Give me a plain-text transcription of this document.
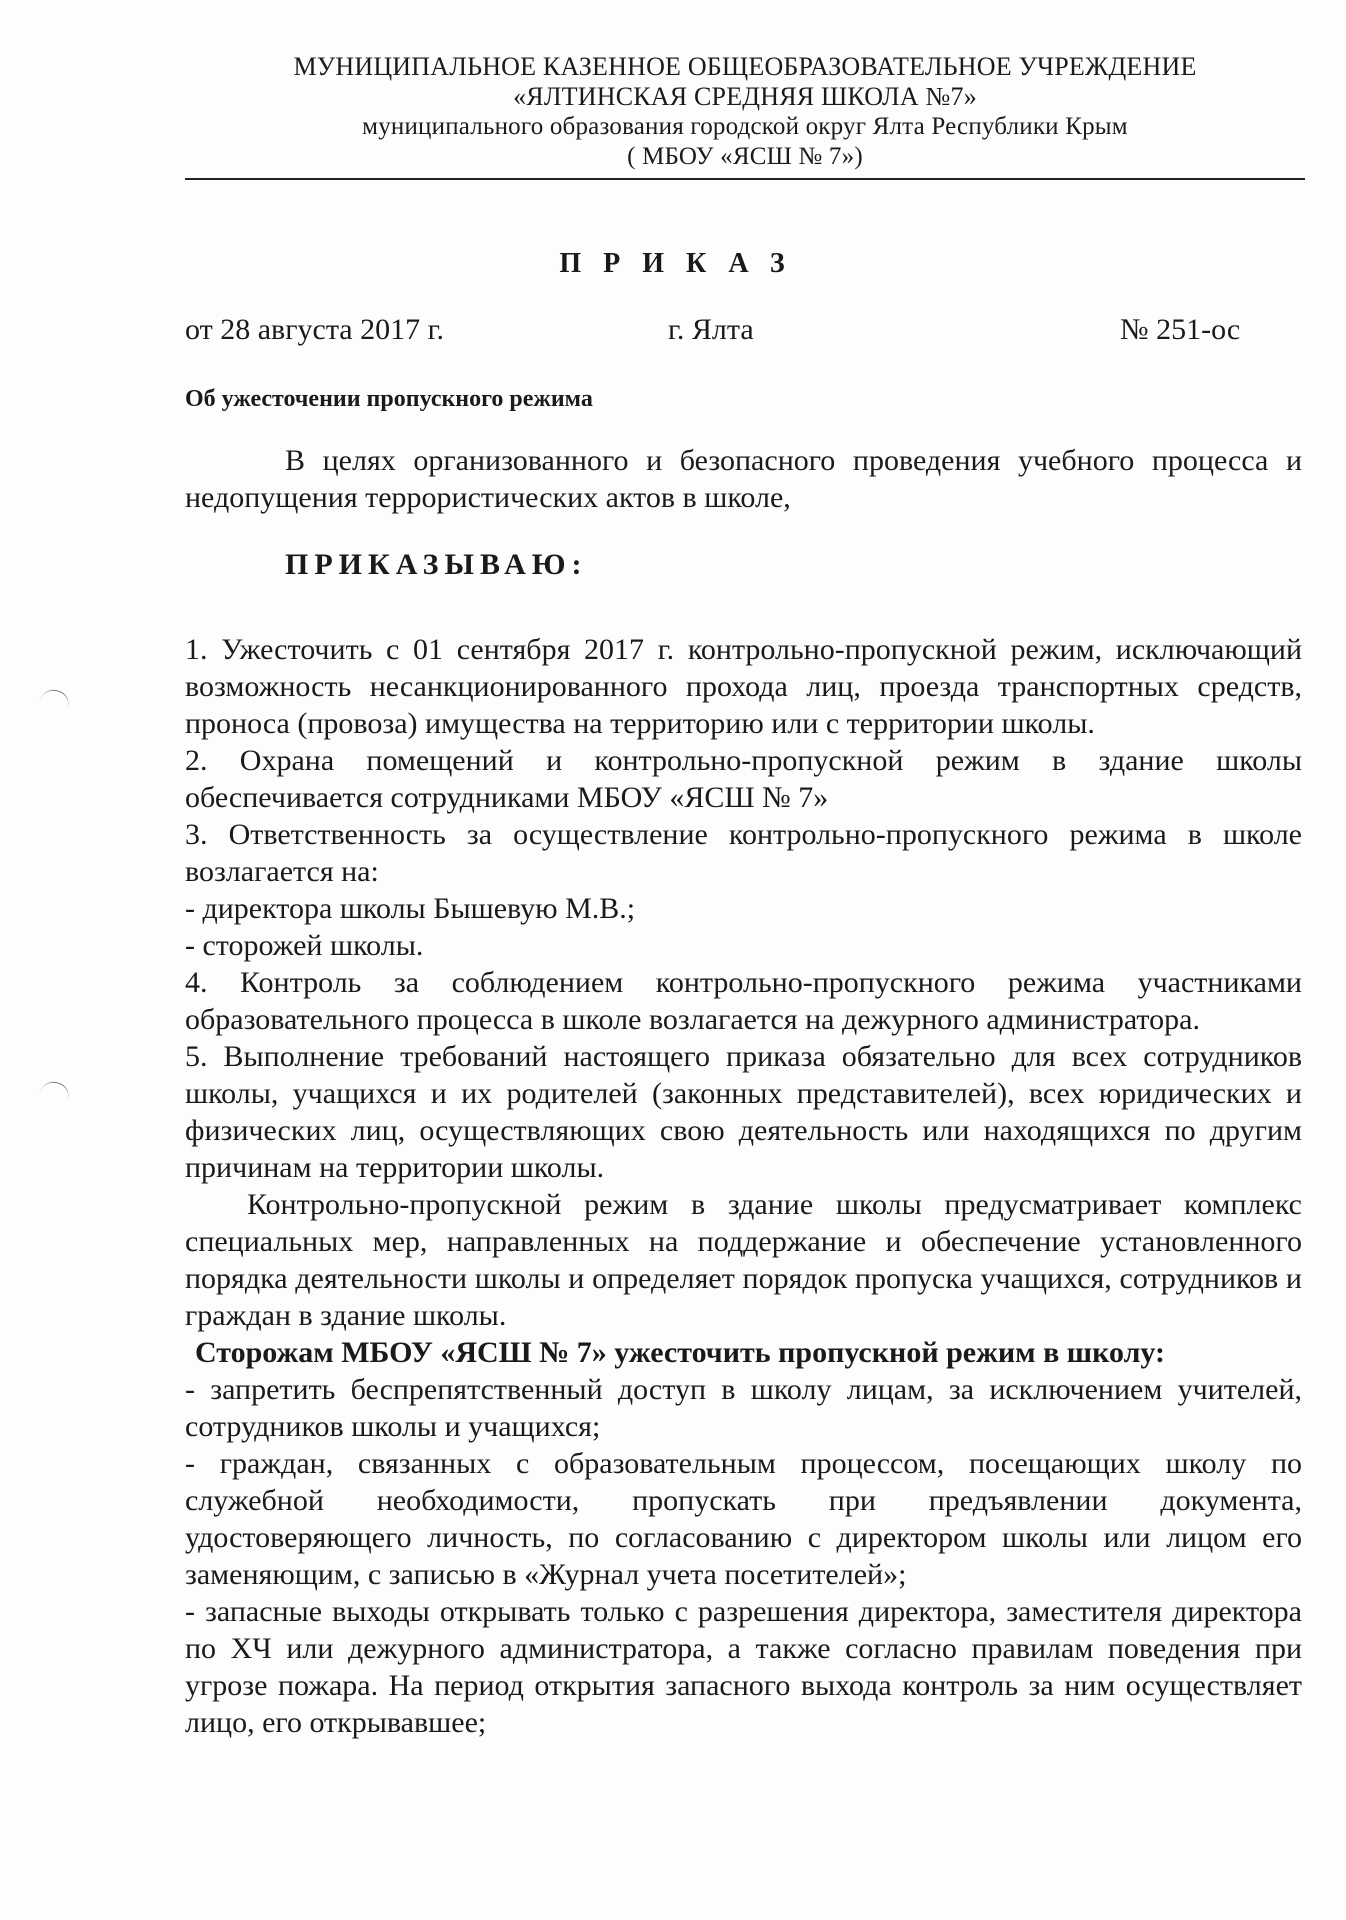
МУНИЦИПАЛЬНОЕ КАЗЕННОЕ ОБЩЕОБРАЗОВАТЕЛЬНОЕ УЧРЕЖДЕНИЕ
«ЯЛТИНСКАЯ СРЕДНЯЯ ШКОЛА №7»
муниципального образования городской округ Ялта Республики Крым
( МБОУ «ЯСШ № 7»)
ПРИКАЗ
от 28 августа 2017 г.	г. Ялта	№ 251-ос
Об ужесточении пропускного режима

В целях организованного и безопасного проведения учебного процесса и недопущения террористических актов в школе,

ПРИКАЗЫВАЮ:

1. Ужесточить с 01 сентября 2017 г. контрольно-пропускной режим, исключающий возможность несанкционированного прохода лиц, проезда транспортных средств, проноса (провоза) имущества на территорию или с территории школы.

2. Охрана помещений и контрольно-пропускной режим в здание школы обеспечивается сотрудниками МБОУ «ЯСШ № 7»

3. Ответственность за осуществление контрольно-пропускного режима в школе возлагается на:

- директора школы Бышевую М.В.;

- сторожей школы.

4. Контроль за соблюдением контрольно-пропускного режима участниками образовательного процесса в школе возлагается на дежурного администратора.

5. Выполнение требований настоящего приказа обязательно для всех сотрудников школы, учащихся и их родителей (законных представителей), всех юридических и физических лиц, осуществляющих свою деятельность или находящихся по другим причинам на территории школы.

Контрольно-пропускной режим в здание школы предусматривает комплекс специальных мер, направленных на поддержание и обеспечение установленного порядка деятельности школы и определяет порядок пропуска учащихся, сотрудников и граждан в здание школы.

Сторожам МБОУ «ЯСШ № 7» ужесточить пропускной режим в школу:

- запретить беспрепятственный доступ в школу лицам, за исключением учителей, сотрудников школы и учащихся;

- граждан, связанных с образовательным процессом, посещающих школу по служебной необходимости, пропускать при предъявлении документа, удостоверяющего личность, по согласованию с директором школы или лицом его заменяющим, с записью в «Журнал учета посетителей»;

- запасные выходы открывать только с разрешения директора, заместителя директора по ХЧ или дежурного администратора, а также согласно правилам поведения при угрозе пожара. На период открытия запасного выхода контроль за ним осуществляет лицо, его открывавшее;
